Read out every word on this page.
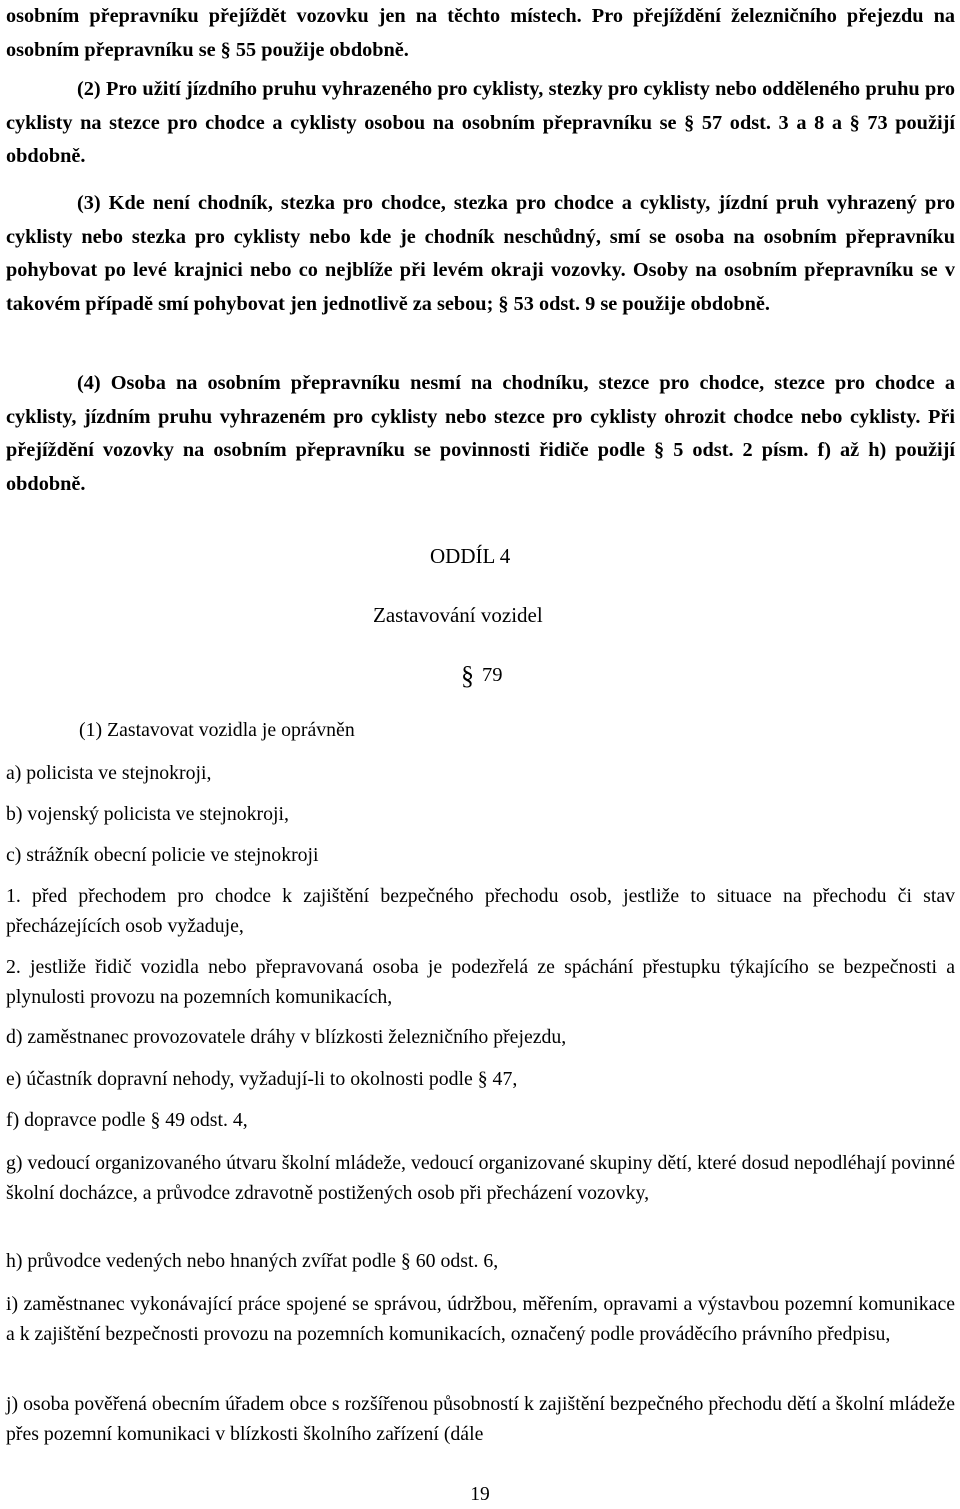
osobním přepravníku přejíždět vozovku jen na těchto místech. Pro přejíždění železničního přejezdu na osobním přepravníku se § 55 použije obdobně.

(2) Pro užití jízdního pruhu vyhrazeného pro cyklisty, stezky pro cyklisty nebo odděleného pruhu pro cyklisty na stezce pro chodce a cyklisty osobou na osobním přepravníku se § 57 odst. 3 a 8 a § 73 použijí obdobně.

(3) Kde není chodník, stezka pro chodce, stezka pro chodce a cyklisty, jízdní pruh vyhrazený pro cyklisty nebo stezka pro cyklisty nebo kde je chodník neschůdný, smí se osoba na osobním přepravníku pohybovat po levé krajnici nebo co nejblíže při levém okraji vozovky. Osoby na osobním přepravníku se v takovém případě smí pohybovat jen jednotlivě za sebou; § 53 odst. 9 se použije obdobně.

(4) Osoba na osobním přepravníku nesmí na chodníku, stezce pro chodce, stezce pro chodce a cyklisty, jízdním pruhu vyhrazeném pro cyklisty nebo stezce pro cyklisty ohrozit chodce nebo cyklisty. Při přejíždění vozovky na osobním přepravníku se povinnosti řidiče podle § 5 odst. 2 písm. f) až h) použijí obdobně.

ODDÍL 4

Zastavování vozidel

§ 79

(1) Zastavovat vozidla je oprávněn

a) policista ve stejnokroji,

b) vojenský policista ve stejnokroji,

c) strážník obecní policie ve stejnokroji

1. před přechodem pro chodce k zajištění bezpečného přechodu osob, jestliže to situace na přechodu či stav přecházejících osob vyžaduje,

2. jestliže řidič vozidla nebo přepravovaná osoba je podezřelá ze spáchání přestupku týkajícího se bezpečnosti a plynulosti provozu na pozemních komunikacích,

d) zaměstnanec provozovatele dráhy v blízkosti železničního přejezdu,

e) účastník dopravní nehody, vyžadují-li to okolnosti podle § 47,

f) dopravce podle § 49 odst. 4,

g) vedoucí organizovaného útvaru školní mládeže, vedoucí organizované skupiny dětí, které dosud nepodléhají povinné školní docházce, a průvodce zdravotně postižených osob při přecházení vozovky,

h) průvodce vedených nebo hnaných zvířat podle § 60 odst. 6,

i) zaměstnanec vykonávající práce spojené se správou, údržbou, měřením, opravami a výstavbou pozemní komunikace a k zajištění bezpečnosti provozu na pozemních komunikacích, označený podle prováděcího právního předpisu,

j) osoba pověřená obecním úřadem obce s rozšířenou působností k zajištění bezpečného přechodu dětí a školní mládeže přes pozemní komunikaci v blízkosti školního zařízení (dále

19
